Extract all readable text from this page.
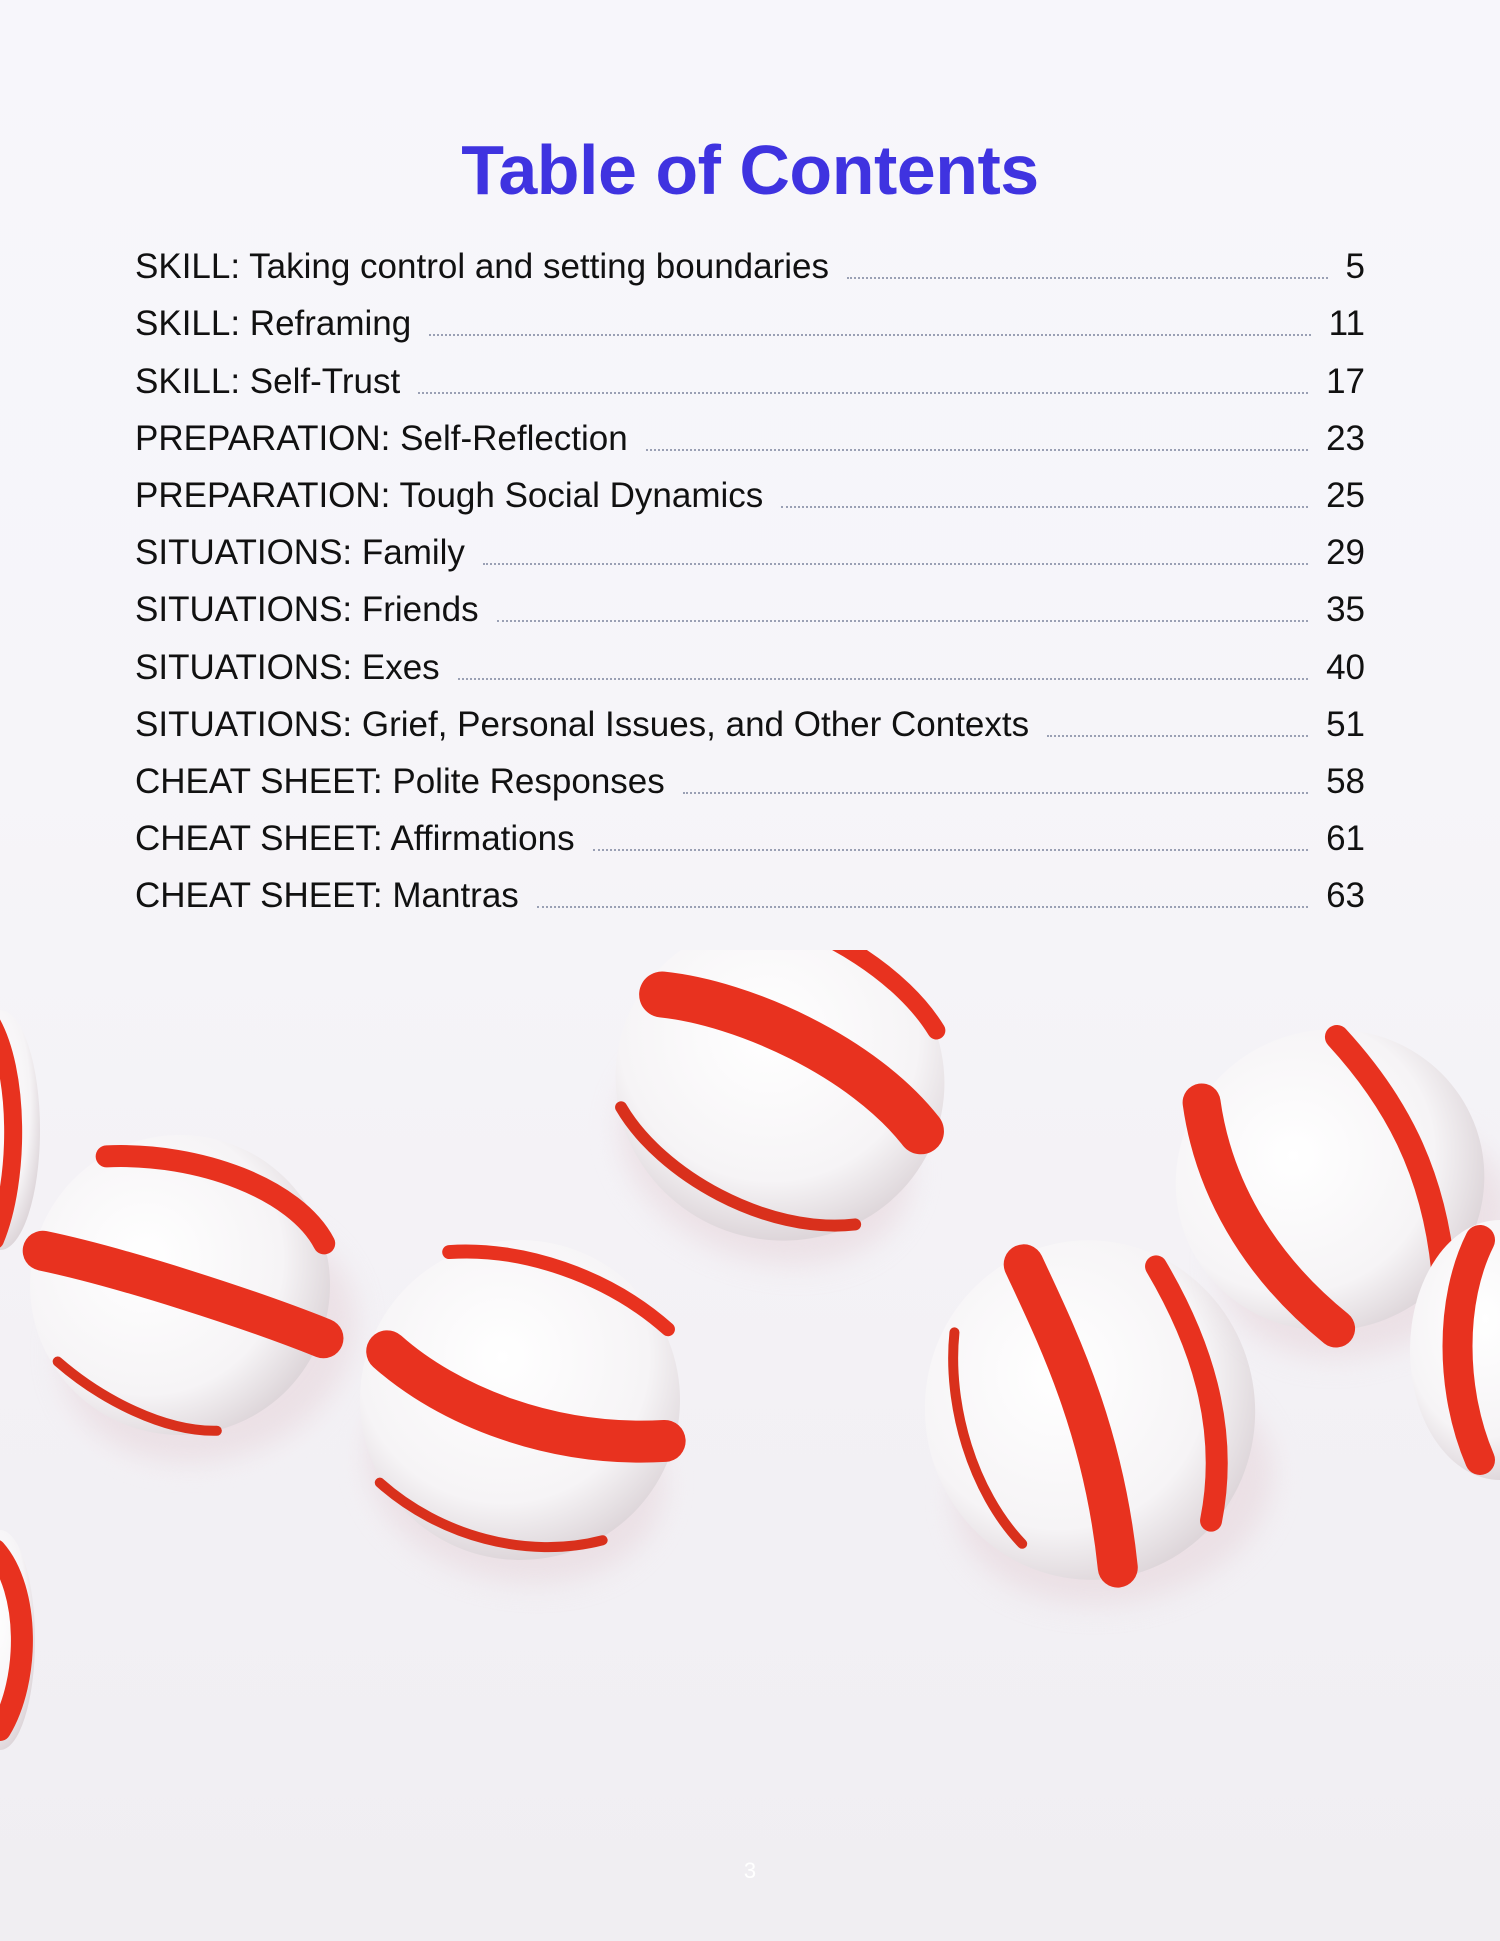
Table of Contents
SKILL: Taking control and setting boundaries	5
SKILL: Reframing	11
SKILL: Self-Trust	17
PREPARATION: Self-Reflection	23
PREPARATION: Tough Social Dynamics	25
SITUATIONS: Family	29
SITUATIONS: Friends	35
SITUATIONS: Exes	40
SITUATIONS: Grief, Personal Issues, and Other Contexts	51
CHEAT SHEET: Polite Responses	58
CHEAT SHEET: Affirmations	61
CHEAT SHEET: Mantras	63

3
